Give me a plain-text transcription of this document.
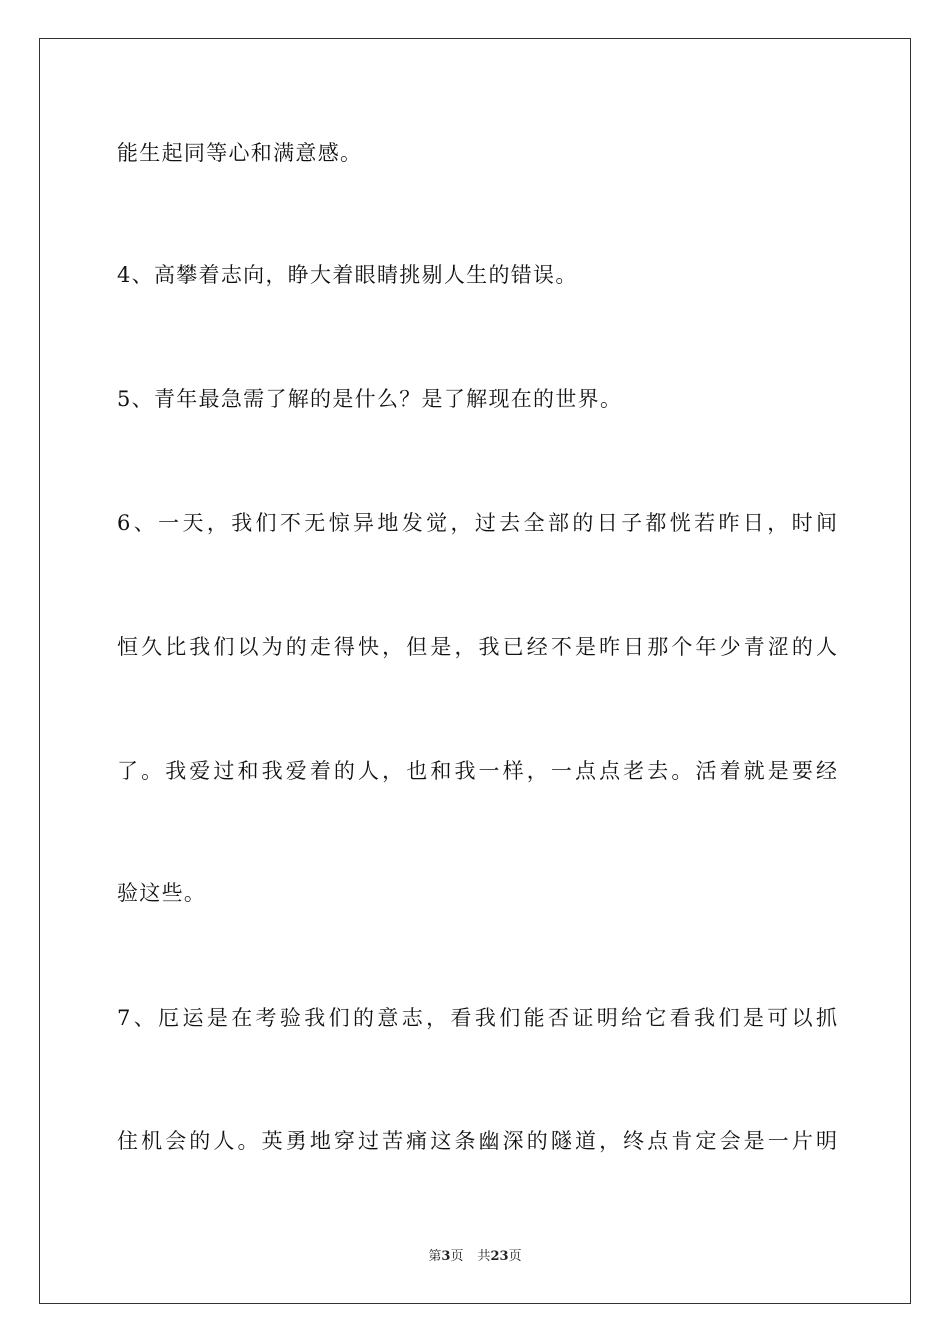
能生起同等心和满意感。
4、高攀着志向，睁大着眼睛挑剔人生的错误。
5、青年最急需了解的是什么？是了解现在的世界。
6、一天，我们不无惊异地发觉，过去全部的日子都恍若昨日，时间
恒久比我们以为的走得快，但是，我已经不是昨日那个年少青涩的人
了。我爱过和我爱着的人，也和我一样，一点点老去。活着就是要经
验这些。
7、厄运是在考验我们的意志，看我们能否证明给它看我们是可以抓
住机会的人。英勇地穿过苦痛这条幽深的隧道，终点肯定会是一片明
第3页 共23页
